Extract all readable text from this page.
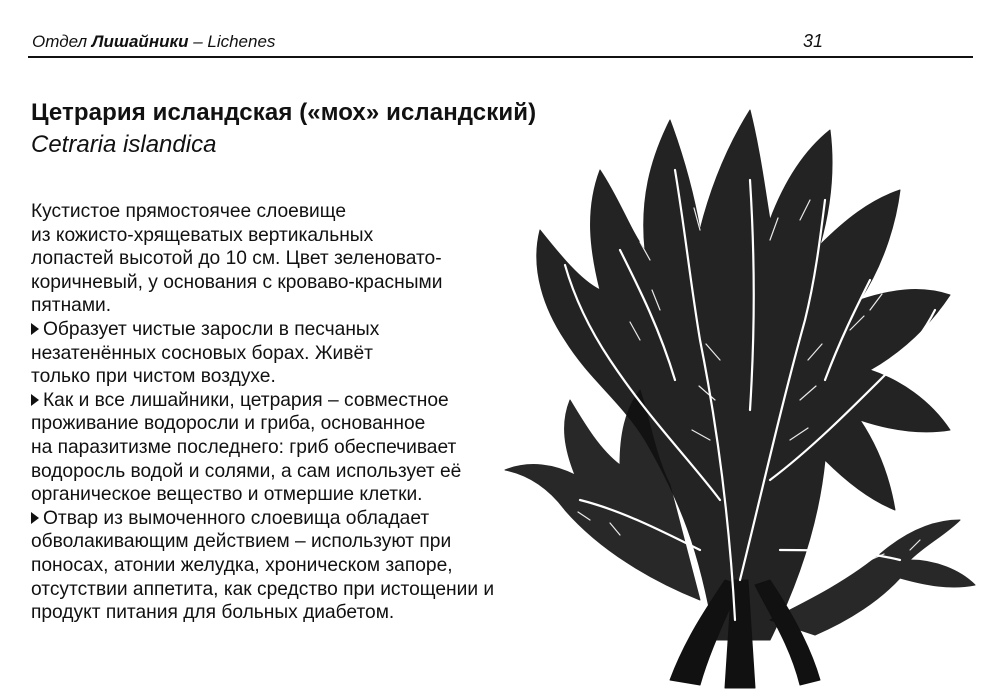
Отдел Лишайники – Lichenes	31
Цетрария исландская («мох» исландский)
Cetraria islandica
Кустистое прямостоячее слоевище
из кожисто-хрящеватых вертикальных
лопастей высотой до 10 см. Цвет зеленовато-
коричневый, у основания с кроваво-красными
пятнами.
Образует чистые заросли в песчаных
незатенённых сосновых борах. Живёт
только при чистом воздухе.
Как и все лишайники, цетрария – совместное
проживание водоросли и гриба, основанное
на паразитизме последнего: гриб обеспечивает
водоросль водой и солями, а сам использует её
органическое вещество и отмершие клетки.
Отвар из вымоченного слоевища обладает
обволакивающим действием – используют при
поносах, атонии желудка, хроническом запоре,
отсутствии аппетита, как средство при истощении и
продукт питания для больных диабетом.
